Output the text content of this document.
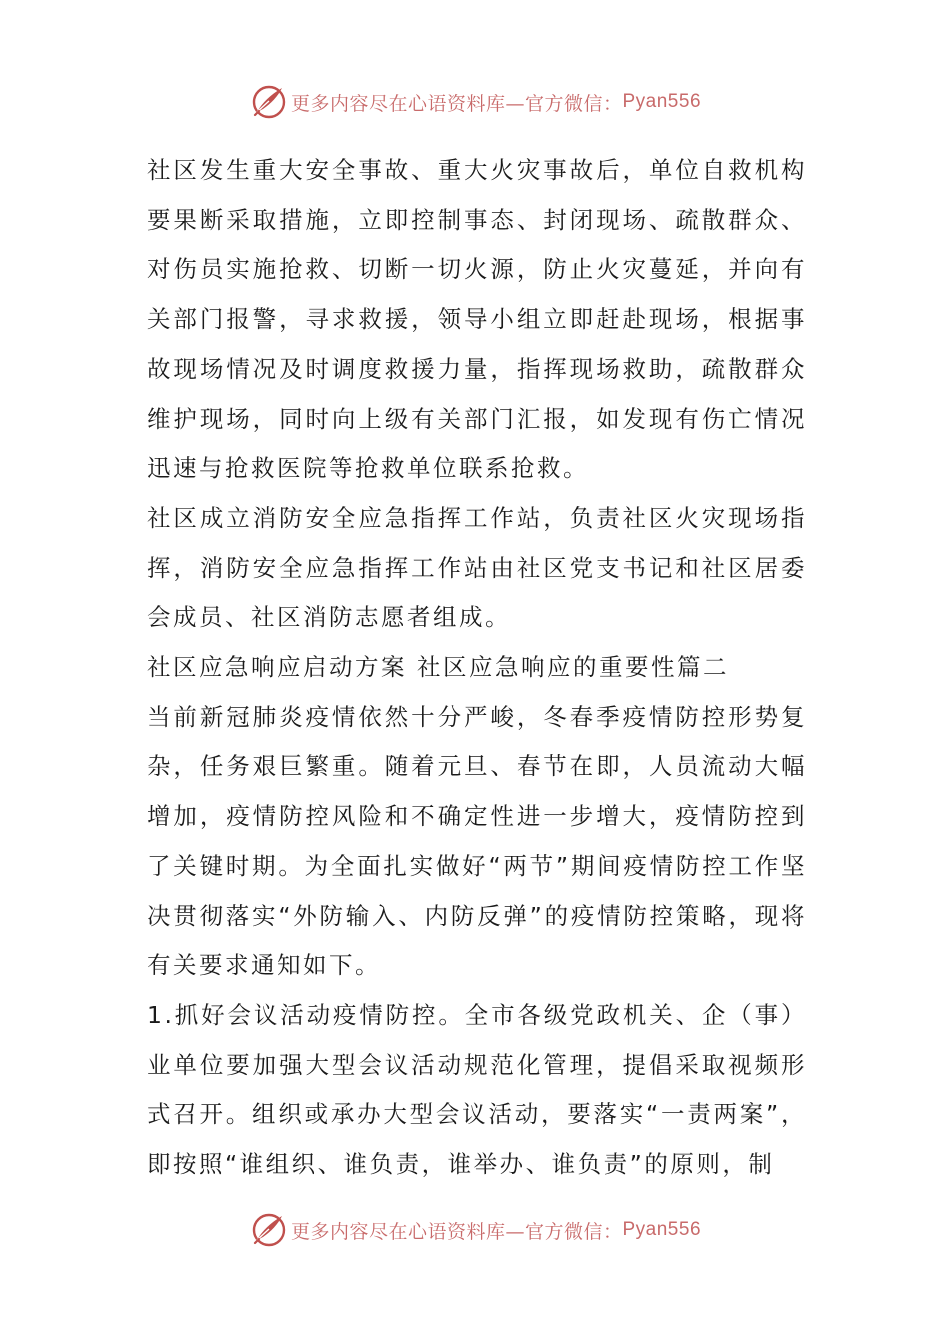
更多内容尽在心语资料库—官方微信： Pyan556

社区发生重大安全事故、重大火灾事故后，单位自救机构要果断采取措施，立即控制事态、封闭现场、疏散群众、对伤员实施抢救、切断一切火源，防止火灾蔓延，并向有关部门报警，寻求救援，领导小组立即赶赴现场，根据事故现场情况及时调度救援力量，指挥现场救助，疏散群众维护现场，同时向上级有关部门汇报，如发现有伤亡情况迅速与抢救医院等抢救单位联系抢救。

社区成立消防安全应急指挥工作站，负责社区火灾现场指挥，消防安全应急指挥工作站由社区党支书记和社区居委会成员、社区消防志愿者组成。

社区应急响应启动方案 社区应急响应的重要性篇二

当前新冠肺炎疫情依然十分严峻，冬春季疫情防控形势复杂，任务艰巨繁重。随着元旦、春节在即，人员流动大幅增加，疫情防控风险和不确定性进一步增大，疫情防控到了关键时期。为全面扎实做好“两节”期间疫情防控工作坚决贯彻落实“外防输入、内防反弹”的疫情防控策略，现将有关要求通知如下。

1.抓好会议活动疫情防控。全市各级党政机关、企（事）业单位要加强大型会议活动规范化管理，提倡采取视频形式召开。组织或承办大型会议活动，要落实“一责两案”，即按照“谁组织、谁负责，谁举办、谁负责”的原则，制

更多内容尽在心语资料库—官方微信： Pyan556
